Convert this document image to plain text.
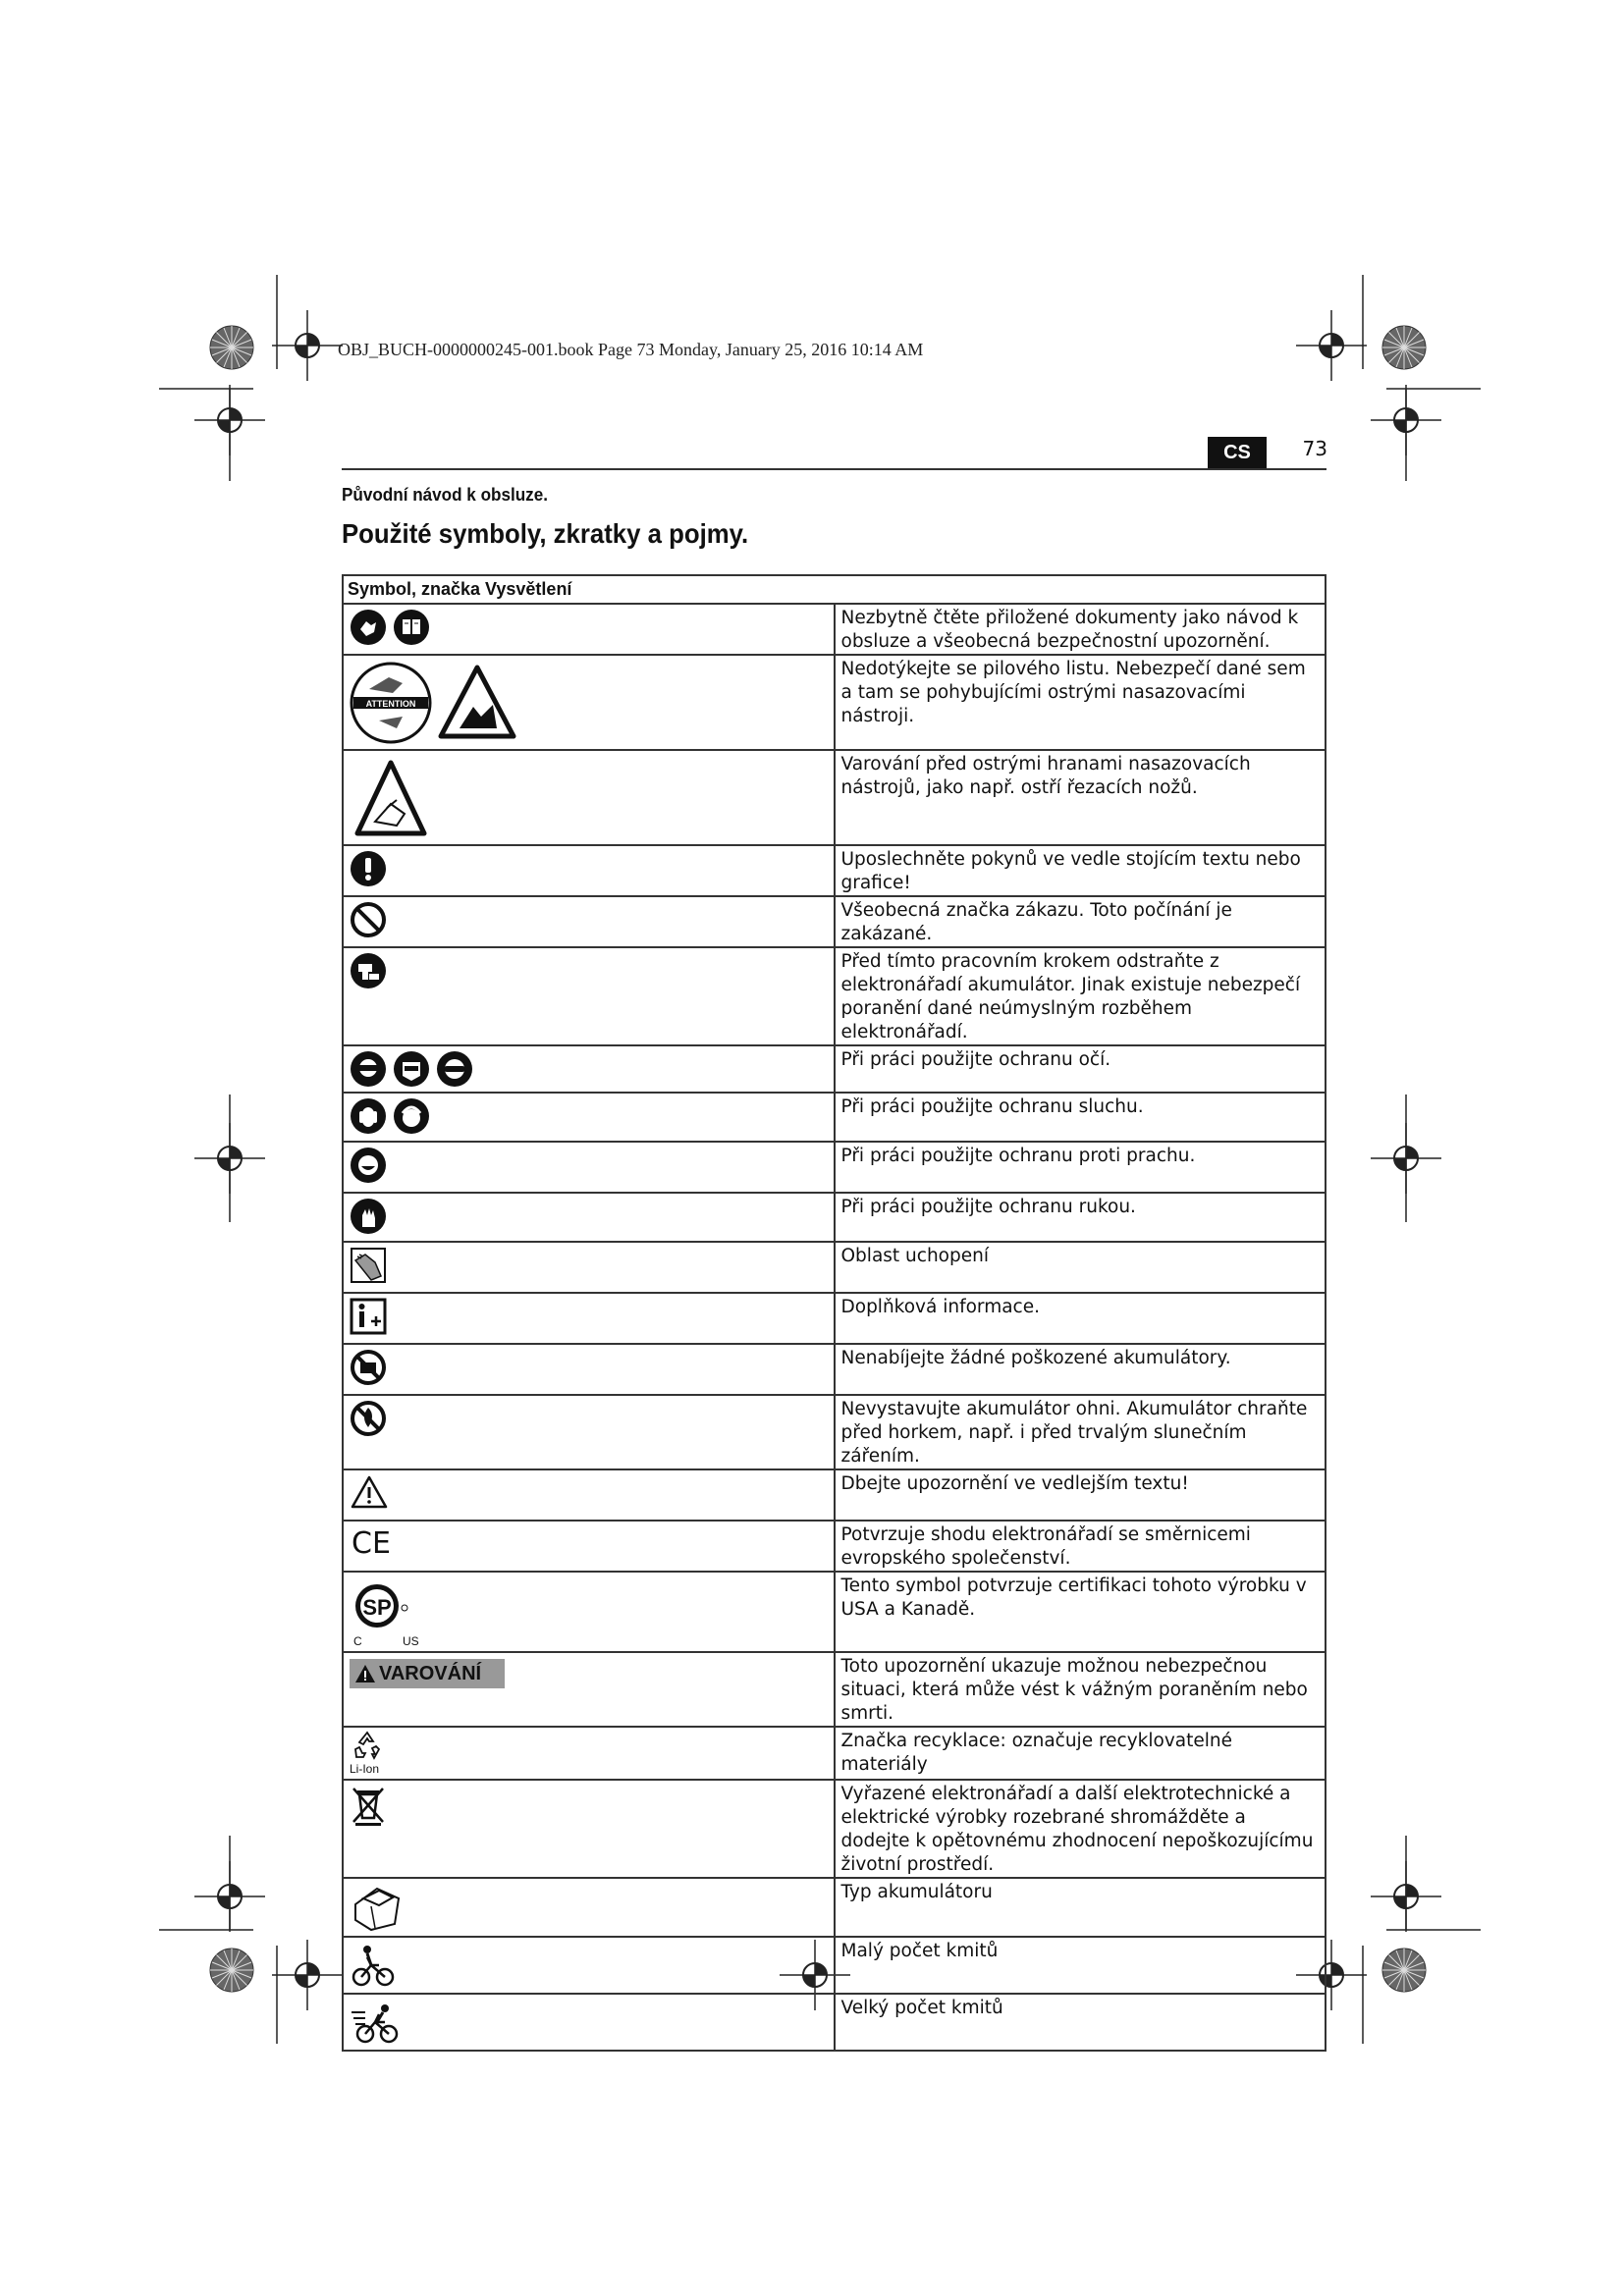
OBJ_BUCH-0000000245-001.book Page 73 Monday, January 25, 2016 10:14 AM
CS	73
Původní návod k obsluze.
Použité symboly, zkratky a pojmy.
Symbol, značka Vysvětlení	

	Nezbytně čtěte přiložené dokumenty jako návod k obsluze a všeobecná bezpečnostní upozornění.

ATTENTION	Nedotýkejte se pilového listu. Nebezpečí dané sem a tam se pohybujícími ostrými nasazovacími nástroji.

	Varování před ostrými hranami nasazovacích nástrojů, jako např. ostří řezacích nožů.

	Uposlechněte pokynů ve vedle stojícím textu nebo grafice!

	Všeobecná značka zákazu. Toto počínání je zakázané.

	Před tímto pracovním krokem odstraňte z elektronářadí akumulátor. Jinak existuje nebezpečí poranění dané neúmyslným rozběhem elektronářadí.

	Při práci použijte ochranu očí.

	Při práci použijte ochranu sluchu.

	Při práci použijte ochranu proti prachu.

	Při práci použijte ochranu rukou.

	Oblast uchopení

	Doplňková informace.

	Nenabíjejte žádné poškozené akumulátory.

	Nevystavujte akumulátor ohni. Akumulátor chraňte před horkem, např. i před trvalým slunečním zářením.

	Dbejte upozornění ve vedlejším textu!

CE	Potvrzuje shodu elektronářadí se směrnicemi evropského společenství.

SP
C US	Tento symbol potvrzuje certifikaci tohoto výrobku v USA a Kanadě.

VAROVÁNÍ	Toto upozornění ukazuje možnou nebezpečnou situaci, která může vést k vážným poraněním nebo smrti.

Li-Ion	Značka recyklace: označuje recyklovatelné materiály

	Vyřazené elektronářadí a další elektrotechnické a elektrické výrobky rozebrané shromážděte a dodejte k opětovnému zhodnocení nepoškozujícímu životní prostředí.

	Typ akumulátoru

	Malý počet kmitů

	Velký počet kmitů
